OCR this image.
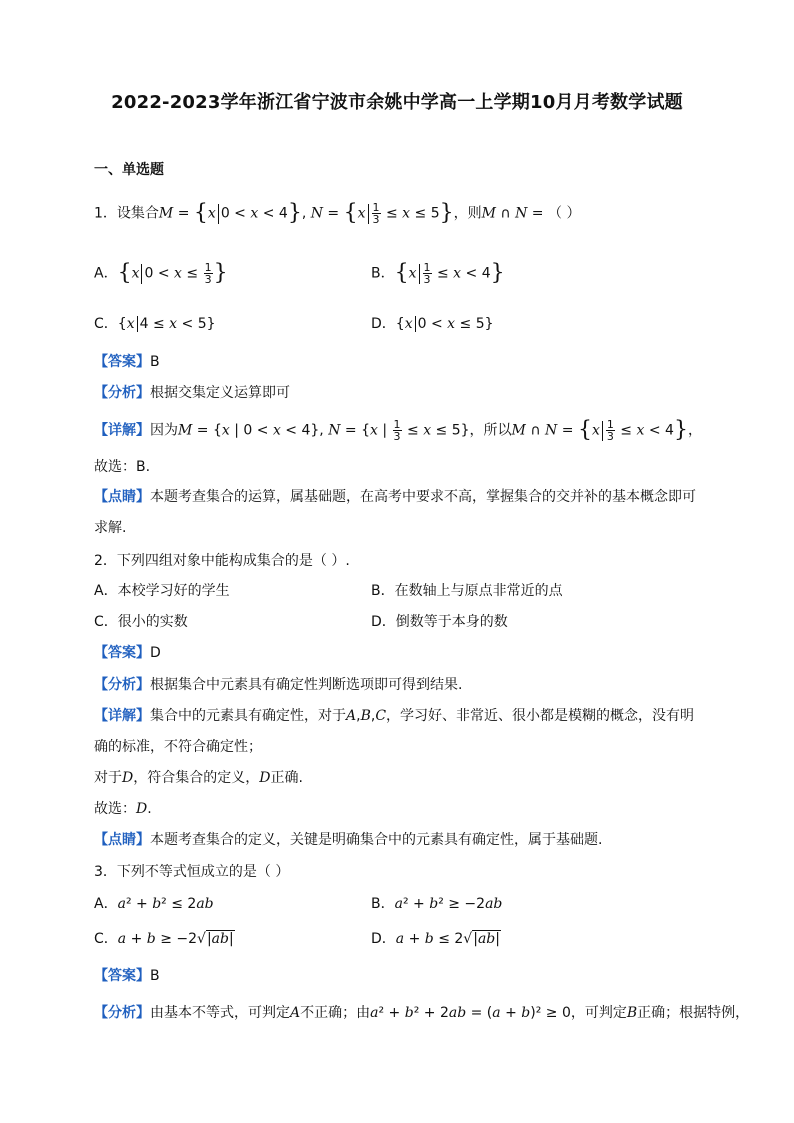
2022-2023学年浙江省宁波市余姚中学高一上学期10月月考数学试题
一、单选题
1．设集合M = {x 0 < x < 4}, $N = \{x \frac{1}{3} \le x \le 5\}$，则M ∩ N = （ ）
A．{x $0 < x \le \frac{1}{3}$ }	B．$\{x \frac{1}{3} \le x < 4\}$
C．{x 4 ≤ x < 5}	D．{x 0 < x ≤ 5}
【答案】B
【分析】根据交集定义运算即可
【详解】因为M = {x | 0 < x < 4}, N = {x | $\frac{1}{3} \le x \le 5$}，所以M ∩ $N = \{x \frac{1}{3} \le x < 4\}$，
故选：B.
【点睛】本题考查集合的运算，属基础题，在高考中要求不高，掌握集合的交并补的基本概念即可
求解.
2．下列四组对象中能构成集合的是（ ）.
A．本校学习好的学生	B．在数轴上与原点非常近的点
C．很小的实数	D．倒数等于本身的数
【答案】D
【分析】根据集合中元素具有确定性判断选项即可得到结果.
【详解】集合中的元素具有确定性，对于A,B,C，学习好、非常近、很小都是模糊的概念，没有明
确的标准，不符合确定性；
对于D，符合集合的定义，D正确.
故选：D.
【点睛】本题考查集合的定义，关键是明确集合中的元素具有确定性，属于基础题.
3．下列不等式恒成立的是（ ）
A．a² + b² ≤ 2ab	B．a² + b² ≥ −2ab
C．a + b ≥ −2√|ab|	D．a + b ≤ 2√|ab|
【答案】B
【分析】由基本不等式，可判定A不正确；由a² + b² + 2ab = (a + b)² ≥ 0，可判定B正确；根据特例，
